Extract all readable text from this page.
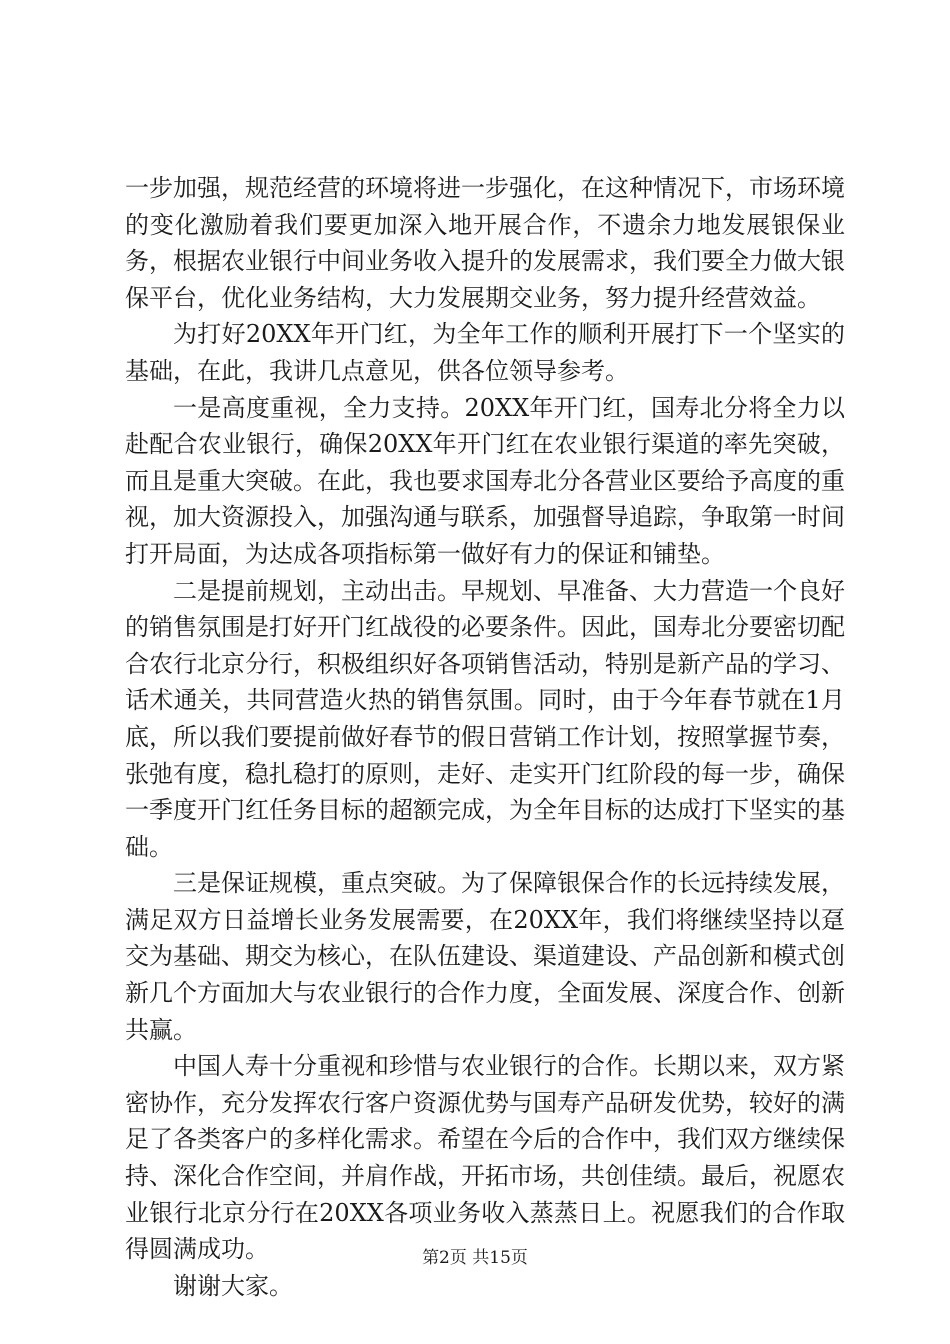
一步加强，规范经营的环境将进一步强化，在这种情况下，市场环境的变化激励着我们要更加深入地开展合作，不遗余力地发展银保业务，根据农业银行中间业务收入提升的发展需求，我们要全力做大银保平台，优化业务结构，大力发展期交业务，努力提升经营效益。

为打好20XX年开门红，为全年工作的顺利开展打下一个坚实的基础，在此，我讲几点意见，供各位领导参考。

一是高度重视，全力支持。20XX年开门红，国寿北分将全力以赴配合农业银行，确保20XX年开门红在农业银行渠道的率先突破，而且是重大突破。在此，我也要求国寿北分各营业区要给予高度的重视，加大资源投入，加强沟通与联系，加强督导追踪，争取第一时间打开局面，为达成各项指标第一做好有力的保证和铺垫。

二是提前规划，主动出击。早规划、早准备、大力营造一个良好的销售氛围是打好开门红战役的必要条件。因此，国寿北分要密切配合农行北京分行，积极组织好各项销售活动，特别是新产品的学习、话术通关，共同营造火热的销售氛围。同时，由于今年春节就在1月底，所以我们要提前做好春节的假日营销工作计划，按照掌握节奏，张弛有度，稳扎稳打的原则，走好、走实开门红阶段的每一步，确保一季度开门红任务目标的超额完成，为全年目标的达成打下坚实的基础。

三是保证规模，重点突破。为了保障银保合作的长远持续发展，满足双方日益增长业务发展需要，在20XX年，我们将继续坚持以趸交为基础、期交为核心，在队伍建设、渠道建设、产品创新和模式创新几个方面加大与农业银行的合作力度，全面发展、深度合作、创新共赢。

中国人寿十分重视和珍惜与农业银行的合作。长期以来，双方紧密协作，充分发挥农行客户资源优势与国寿产品研发优势，较好的满足了各类客户的多样化需求。希望在今后的合作中，我们双方继续保持、深化合作空间，并肩作战，开拓市场，共创佳绩。最后，祝愿农业银行北京分行在20XX各项业务收入蒸蒸日上。祝愿我们的合作取得圆满成功。

谢谢大家。

第2页 共15页
